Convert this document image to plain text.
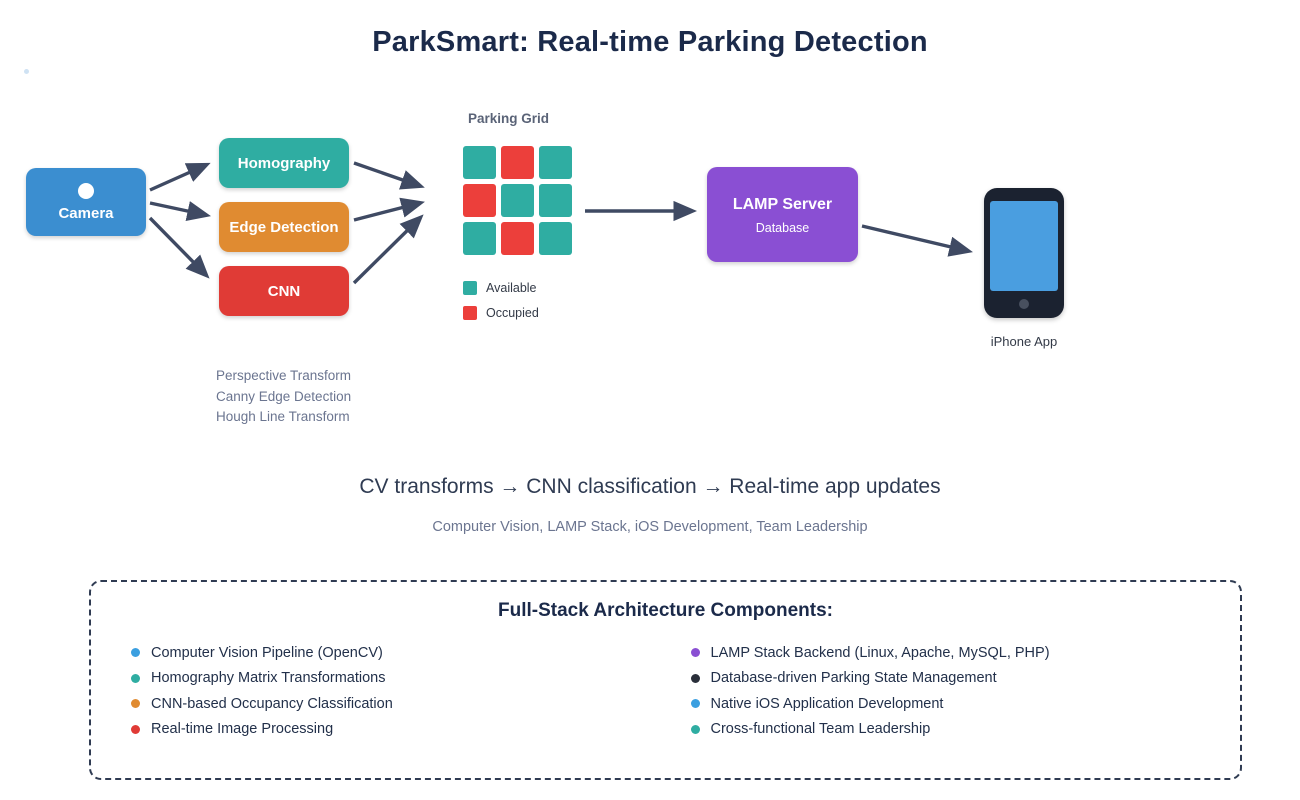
ParkSmart: Real-time Parking Detection
Camera
Homography
Edge Detection
CNN
Parking Grid
Available
Occupied
LAMP Server
Database
iPhone App
Perspective Transform
Canny Edge Detection
Hough Line Transform
CV transforms → CNN classification → Real-time app updates
Computer Vision, LAMP Stack, iOS Development, Team Leadership
Full-Stack Architecture Components:
Computer Vision Pipeline (OpenCV)
Homography Matrix Transformations
CNN-based Occupancy Classification
Real-time Image Processing
LAMP Stack Backend (Linux, Apache, MySQL, PHP)
Database-driven Parking State Management
Native iOS Application Development
Cross-functional Team Leadership
